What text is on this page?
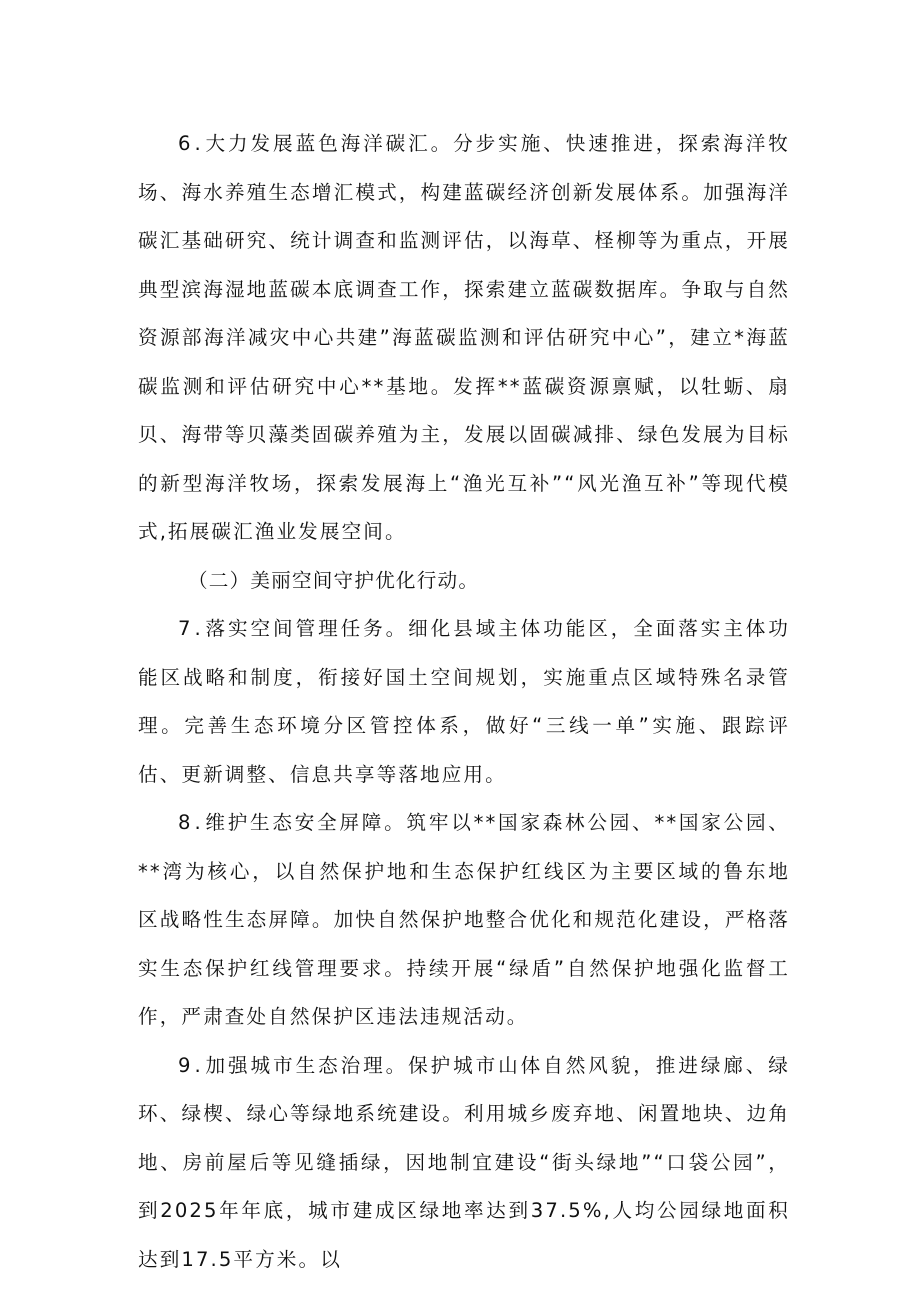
6.大力发展蓝色海洋碳汇。分步实施、快速推进，探索海洋牧场、海水养殖生态增汇模式，构建蓝碳经济创新发展体系。加强海洋碳汇基础研究、统计调查和监测评估，以海草、柽柳等为重点，开展典型滨海湿地蓝碳本底调查工作，探索建立蓝碳数据库。争取与自然资源部海洋减灾中心共建”海蓝碳监测和评估研究中心”，建立*海蓝碳监测和评估研究中心**基地。发挥**蓝碳资源禀赋，以牡蛎、扇贝、海带等贝藻类固碳养殖为主，发展以固碳减排、绿色发展为目标的新型海洋牧场，探索发展海上“渔光互补”“风光渔互补”等现代模式,拓展碳汇渔业发展空间。

（二）美丽空间守护优化行动。

7.落实空间管理任务。细化县域主体功能区，全面落实主体功能区战略和制度，衔接好国土空间规划，实施重点区域特殊名录管理。完善生态环境分区管控体系，做好“三线一单”实施、跟踪评估、更新调整、信息共享等落地应用。

8.维护生态安全屏障。筑牢以**国家森林公园、**国家公园、**湾为核心，以自然保护地和生态保护红线区为主要区域的鲁东地区战略性生态屏障。加快自然保护地整合优化和规范化建设，严格落实生态保护红线管理要求。持续开展“绿盾”自然保护地强化监督工作，严肃查处自然保护区违法违规活动。

9.加强城市生态治理。保护城市山体自然风貌，推进绿廊、绿环、绿楔、绿心等绿地系统建设。利用城乡废弃地、闲置地块、边角地、房前屋后等见缝插绿，因地制宜建设“街头绿地”“口袋公园”，到2025年年底，城市建成区绿地率达到37.5%,人均公园绿地面积达到17.5平方米。以
